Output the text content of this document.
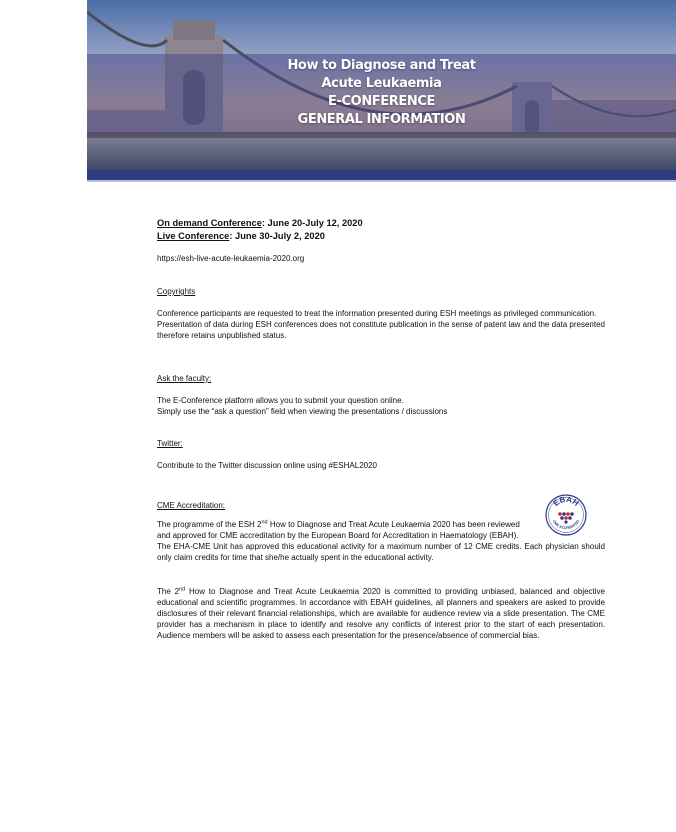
How to Diagnose and Treat
Acute Leukaemia
E-CONFERENCE
GENERAL INFORMATION
On demand Conference: June 20-July 12, 2020
Live Conference: June 30-July 2, 2020
https://esh-live-acute-leukaemia-2020.org
Copyrights
Conference participants are requested to treat the information presented during ESH meetings as privileged communication.
Presentation of data during ESH conferences does not constitute publication in the sense of patent law and the data presented therefore retains unpublished status.
Ask the faculty:
The E-Conference platform allows you to submit your question online.
Simply use the “ask a question” field when viewing the presentations / discussions
Twitter:
Contribute to the Twitter discussion online using #ESHAL2020
CME Accreditation:
The programme of the ESH 2nd How to Diagnose and Treat Acute Leukaemia 2020 has been reviewed
and approved for CME accreditation by the European Board for Accreditation in Haematology (EBAH).
The EHA-CME Unit has approved this educational activity for a maximum number of 12 CME credits. Each physician should only claim credits for time that she/he actually spent in the educational activity.
The 2nd How to Diagnose and Treat Acute Leukaemia 2020 is committed to providing unbiased, balanced and objective educational and scientific programmes. In accordance with EBAH guidelines, all planners and speakers are asked to provide disclosures of their relevant financial relationships, which are available for audience review via a slide presentation. The CME provider has a mechanism in place to identify and resolve any conflicts of interest prior to the start of each presentation. Audience members will be asked to assess each presentation for the presence/absence of commercial bias.
EBAH
CME ACCREDITED
